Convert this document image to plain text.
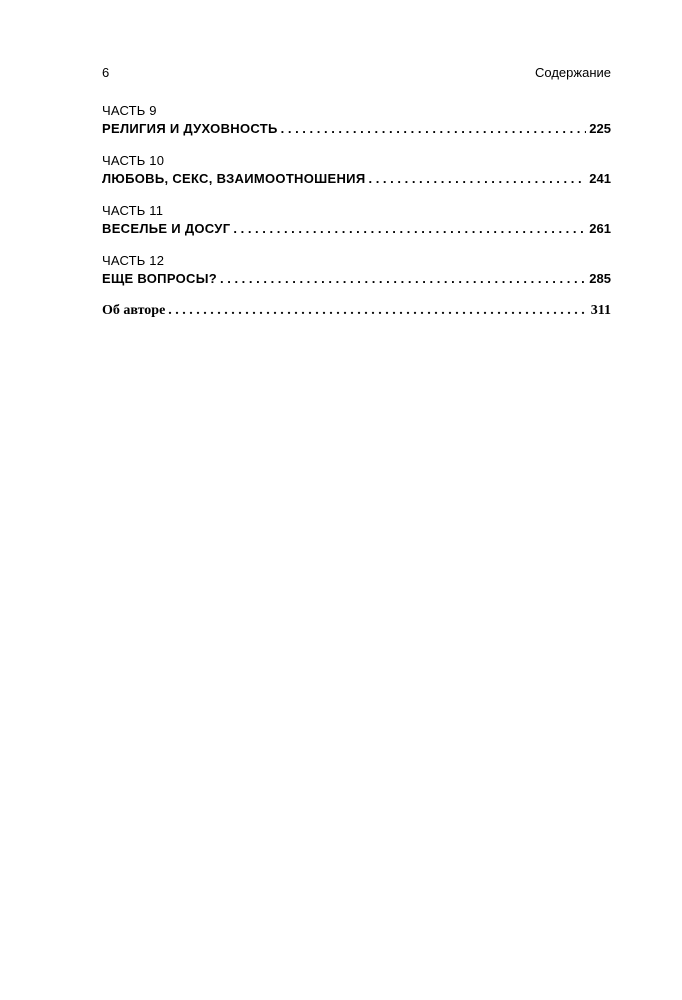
6	Содержание
ЧАСТЬ 9
РЕЛИГИЯ И ДУХОВНОСТЬ . . .	225
ЧАСТЬ 10
ЛЮБОВЬ, СЕКС, ВЗАИМООТНОШЕНИЯ . . .	241
ЧАСТЬ 11
ВЕСЕЛЬЕ И ДОСУГ . . .	261
ЧАСТЬ 12
ЕЩЕ ВОПРОСЫ? . . .	285
Об авторе . . .	311
